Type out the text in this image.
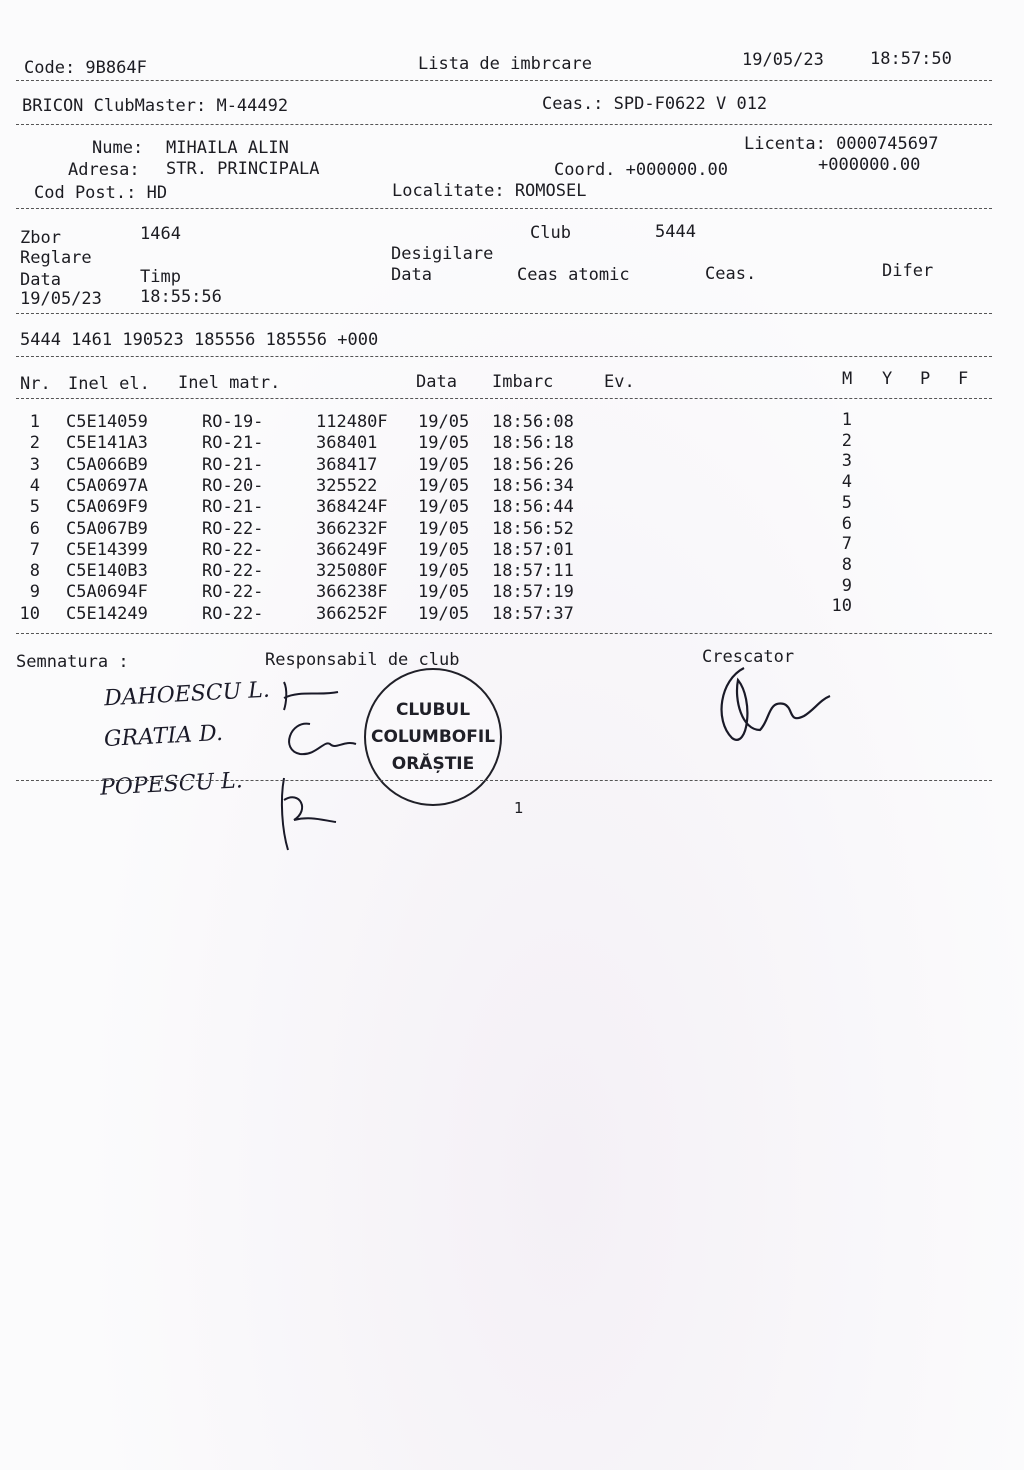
Code: 9B864F	Lista de imbrcare	19/05/23	18:57:50
BRICON ClubMaster: M-44492	Ceas.: SPD-F0622 V 012
Nume: MIHAILA ALIN	Licenta: 0000745697
Adresa: STR. PRINCIPALA	Coord. +000000.00	+000000.00
Cod Post.: HD	Localitate: ROMOSEL
Zbor	1464	Club	5444
Reglare	Desigilare
Data	Timp	Data	Ceas atomic	Ceas.	Difer
19/05/23 18:55:56
5444 1461 190523 185556 185556 +000
Nr. Inel el. Inel matr.	Data Imbarc	Ev.	M Y P F
1 C5E14059	RO-19-	112480F 19/05 18:56:08	1
2 C5E141A3	RO-21-	368401 19/05 18:56:18	2
3 C5A066B9	RO-21-	368417 19/05 18:56:26	3
4 C5A0697A	RO-20-	325522 19/05 18:56:34	4
5 C5A069F9	RO-21-	368424F 19/05 18:56:44	5
6 C5A067B9	RO-22-	366232F 19/05 18:56:52	6
7 C5E14399	RO-22-	366249F 19/05 18:57:01	7
8 C5E140B3	RO-22-	325080F 19/05 18:57:11	8
9 C5A0694F	RO-22-	366238F 19/05 18:57:19	9
10 C5E14249	RO-22-	366252F 19/05 18:57:37	10
Semnatura :	Responsabil de club	Crescator
DAHOESCU L.
GRATIA D.
POPESCU L.
CLUBUL
COLUMBOFIL
ORĂȘTIE
1
